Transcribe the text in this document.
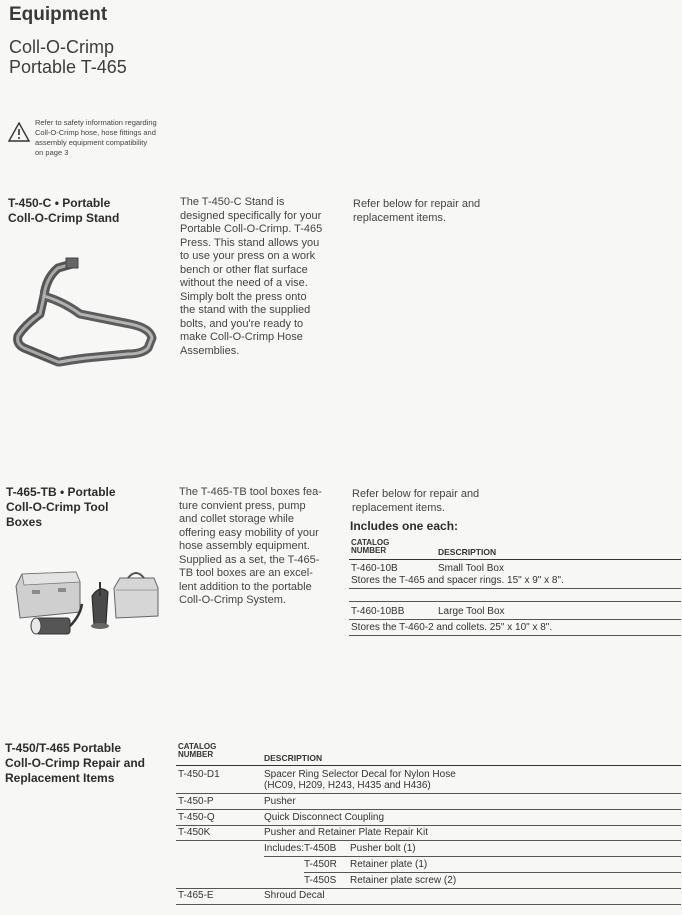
Equipment
Coll-O-Crimp
Portable T-465
Refer to safety information regarding
Coll-O-Crimp hose, hose fittings and
assembly equipment compatibility
on page 3
T-450-C • Portable
Coll-O-Crimp Stand
The T-450-C Stand is
designed specifically for your
Portable Coll-O-Crimp. T-465
Press. This stand allows you
to use your press on a work
bench or other flat surface
without the need of a vise.
Simply bolt the press onto
the stand with the supplied
bolts, and you're ready to
make Coll-O-Crimp Hose
Assemblies.
Refer below for repair and
replacement items.
T-465-TB • Portable
Coll-O-Crimp Tool
Boxes
The T-465-TB tool boxes fea-
ture convient press, pump
and collet storage while
offering easy mobility of your
hose assembly equipment.
Supplied as a set, the T-465-
TB tool boxes are an excel-
lent addition to the portable
Coll-O-Crimp System.
Refer below for repair and
replacement items.
Includes one each:
CATALOG
NUMBER	DESCRIPTION
T-460-10B	Small Tool Box
Stores the T-465 and spacer rings. 15" x 9" x 8".
T-460-10BB	Large Tool Box
Stores the T-460-2 and collets. 25" x 10" x 8".
T-450/T-465 Portable
Coll-O-Crimp Repair and
Replacement Items
CATALOG
NUMBER	DESCRIPTION
T-450-D1	Spacer Ring Selector Decal for Nylon Hose
(HC09, H209, H243, H435 and H436)
T-450-P	Pusher
T-450-Q	Quick Disconnect Coupling
T-450K	Pusher and Retainer Plate Repair Kit
Includes: T-450B Pusher bolt (1)
T-450R Retainer plate (1)
T-450S Retainer plate screw (2)
T-465-E	Shroud Decal
